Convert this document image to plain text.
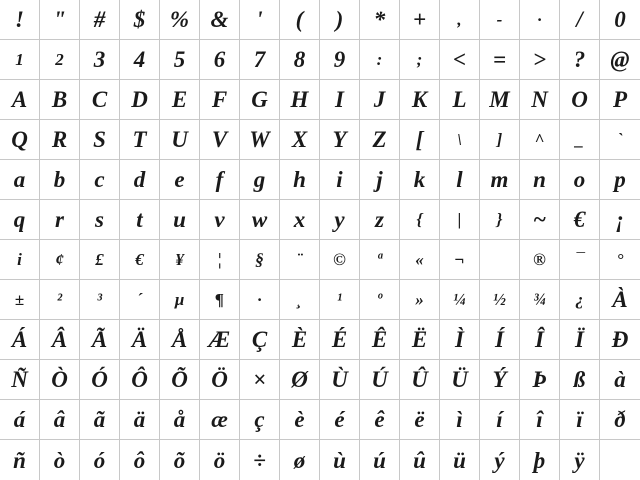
! " # $ % & ' ( ) * + , - · / 0
1 2 3 4 5 6 7 8 9 : ; < = > ? @
A B C D E F G H I J K L M N O P
Q R S T U V W X Y Z [ \ ] ^ _ `
a b c d e f g h i j k l m n o p
q r s t u v w x y z { | } ~ € ¡
i ¢ £ € ¥ ¦ § ¨ © ª « ¬	® ¯ °
± ² ³ ´ µ ¶ · ¸ ¹ º » ¼ ½ ¾ ¿ À
Á Â Ã Ä Å Æ Ç È É Ê Ë Ì Í Î Ï Ð
Ñ Ò Ó Ô Õ Ö × Ø Ù Ú Û Ü Ý Þ ß à
á â ã ä å æ ç è é ê ë ì í î ï ð
ñ ò ó ô õ ö ÷ ø ù ú û ü ý þ ÿ
